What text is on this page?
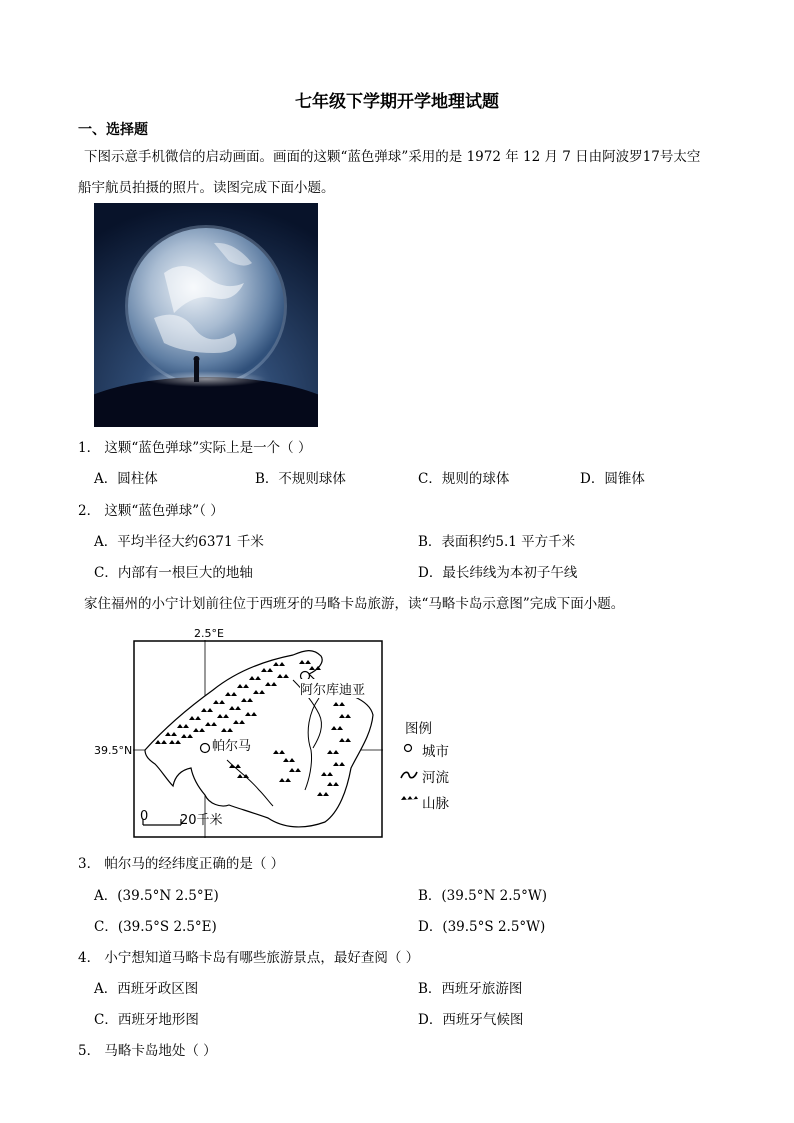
七年级下学期开学地理试题
一、选择题
下图示意手机微信的启动画面。画面的这颗“蓝色弹球”采用的是 1972 年 12 月 7 日由阿波罗17号太空
船宇航员拍摄的照片。读图完成下面小题。
1． 这颗“蓝色弹球”实际上是一个（ ）
A．圆柱体	B．不规则球体	C．规则的球体	D．圆锥体
2． 这颗“蓝色弹球”（ ）
A．平均半径大约6371 千米	B．表面积约5.1 平方千米
C．内部有一根巨大的地轴	D．最长纬线为本初子午线
家住福州的小宁计划前往位于西班牙的马略卡岛旅游，读“马略卡岛示意图”完成下面小题。
2.5°E
39.5°N
阿尔库迪亚
帕尔马
0 20千米
图例
城市
河流
山脉
3． 帕尔马的经纬度正确的是（ ）
A．(39.5°N 2.5°E)	B．(39.5°N 2.5°W)
C．(39.5°S 2.5°E)	D．(39.5°S 2.5°W)
4． 小宁想知道马略卡岛有哪些旅游景点，最好查阅（ ）
A．西班牙政区图	B．西班牙旅游图
C．西班牙地形图	D．西班牙气候图
5． 马略卡岛地处（ ）
